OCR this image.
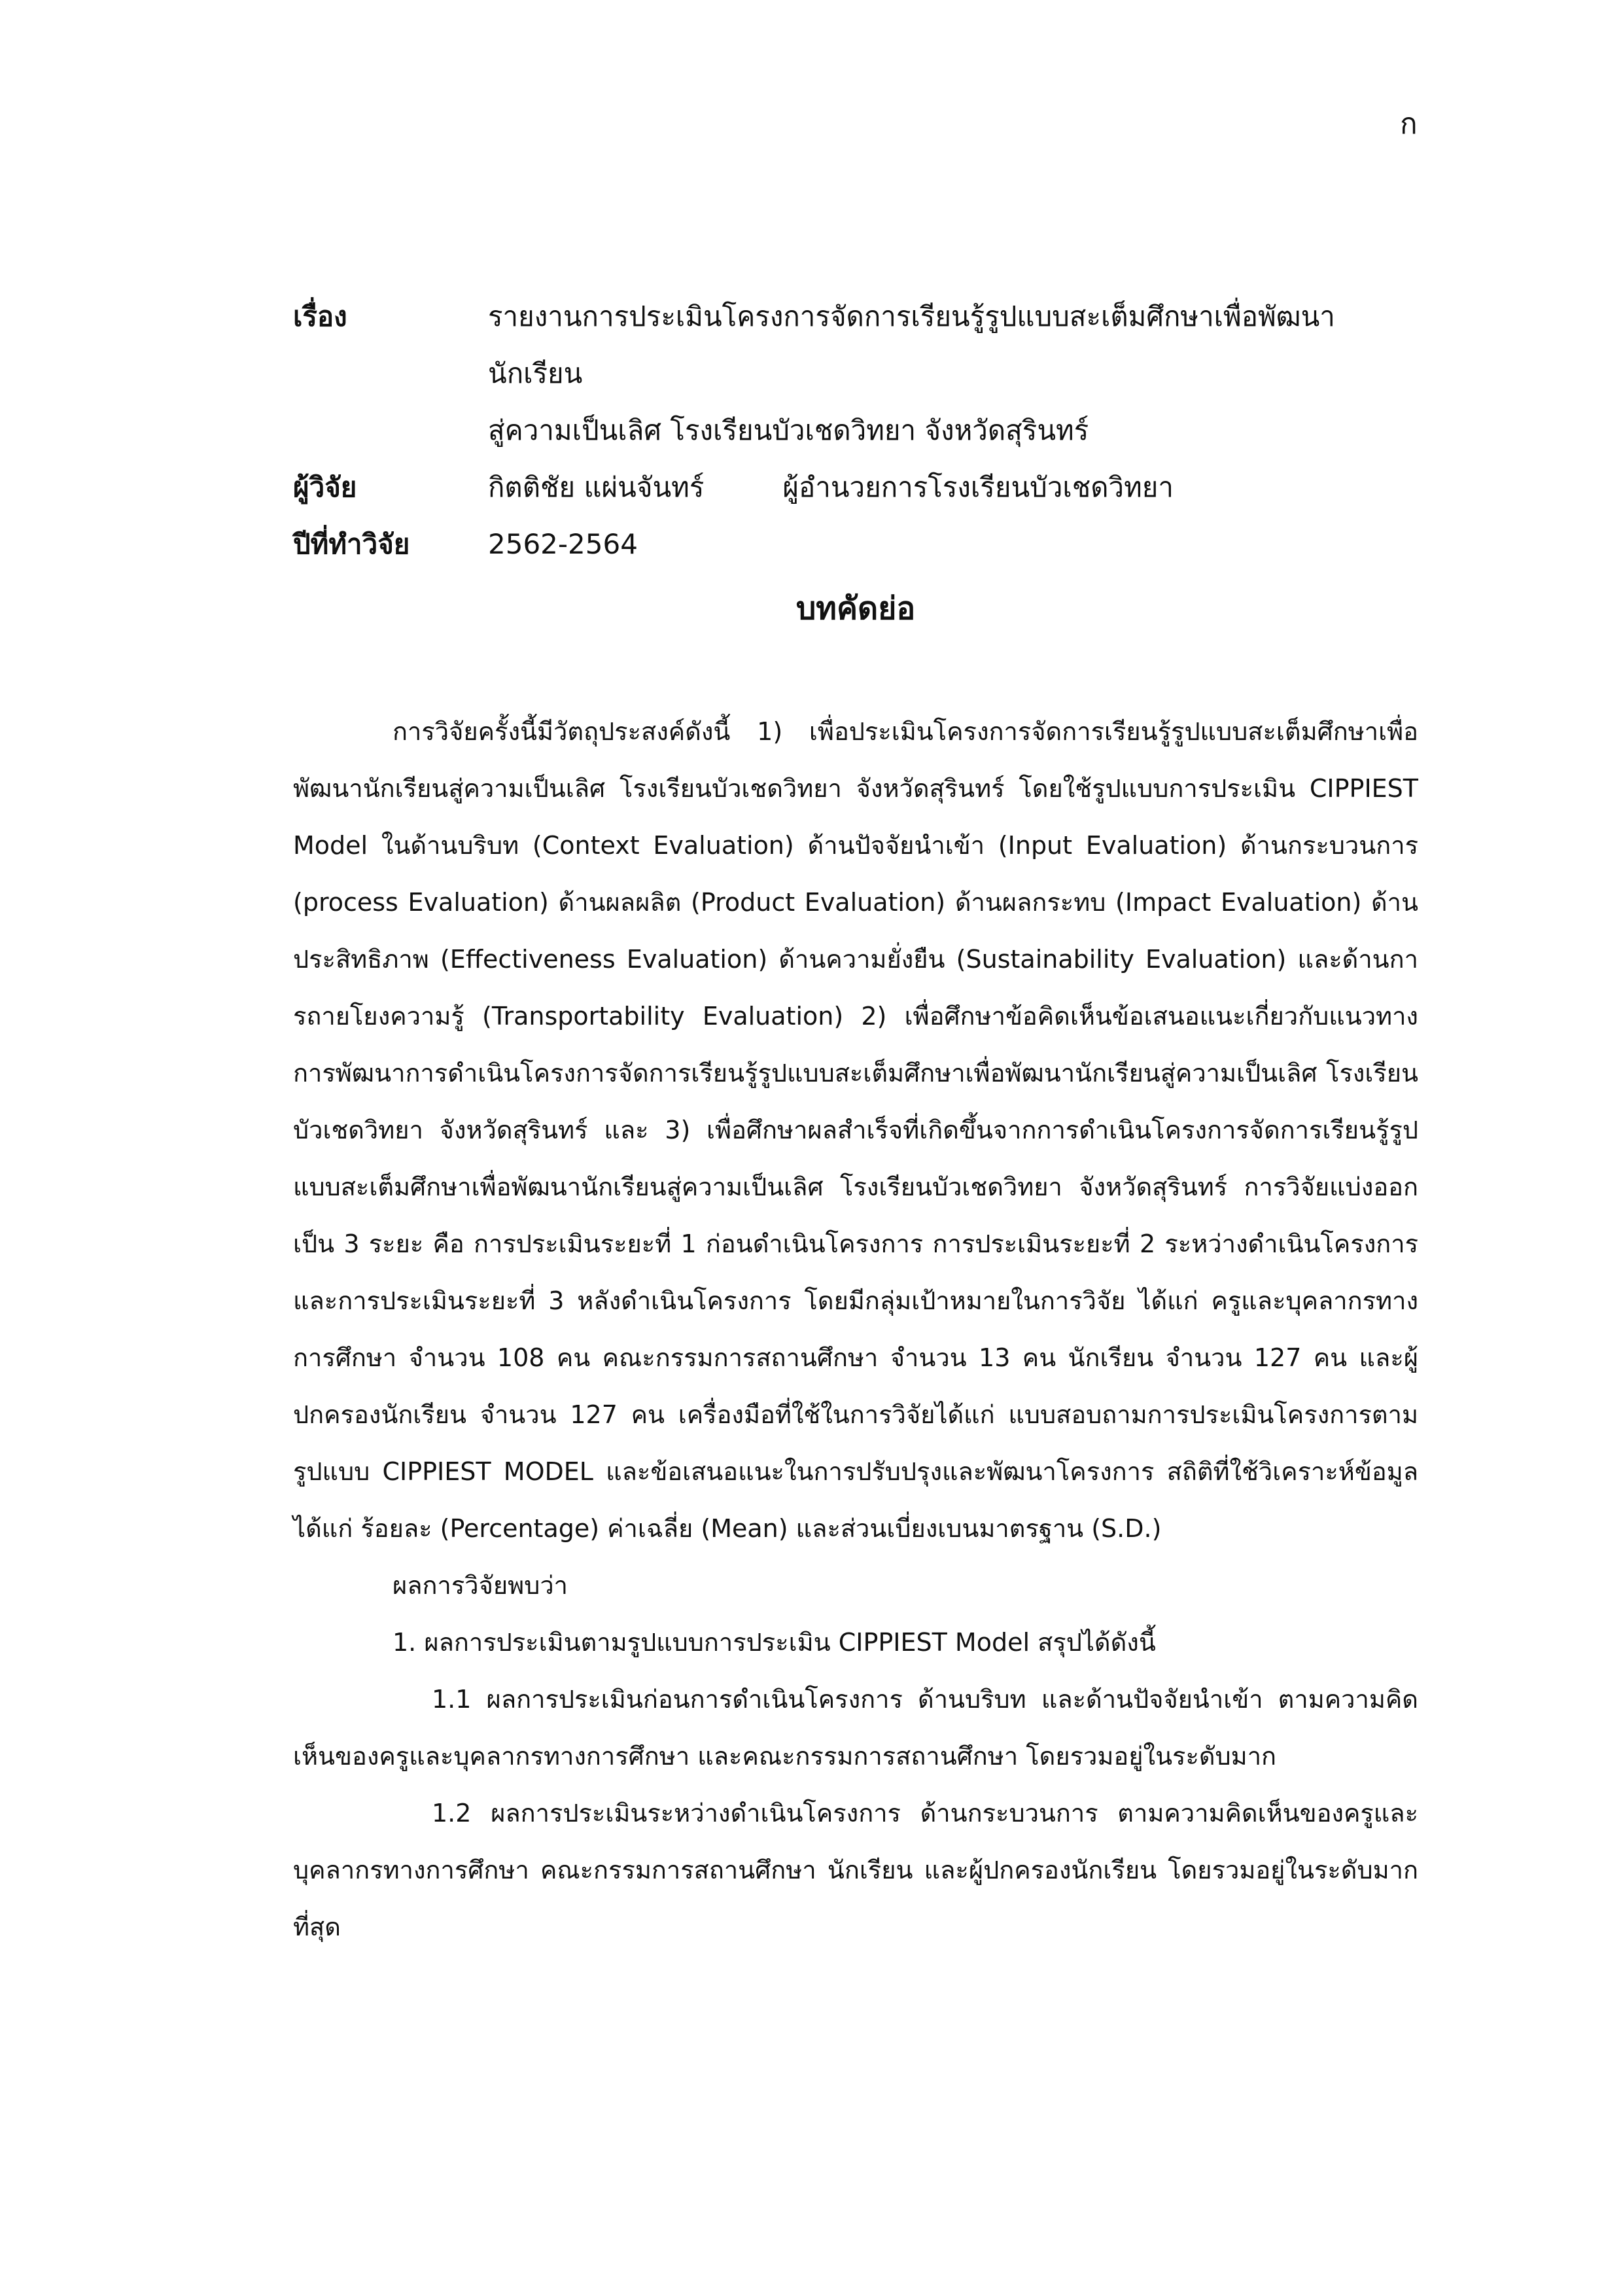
ก
เรื่อง	รายงานการประเมินโครงการจัดการเรียนรู้รูปแบบสะเต็มศึกษาเพื่อพัฒนานักเรียน
สู่ความเป็นเลิศ โรงเรียนบัวเชดวิทยา จังหวัดสุรินทร์
ผู้วิจัย	กิตติชัย แผ่นจันทร์	ผู้อำนวยการโรงเรียนบัวเชดวิทยา
ปีที่ทำวิจัย	2562-2564
บทคัดย่อ

การวิจัยครั้งนี้มีวัตถุประสงค์ดังนี้ 1) เพื่อประเมินโครงการจัดการเรียนรู้รูปแบบสะเต็มศึกษาเพื่อพัฒนานักเรียนสู่ความเป็นเลิศ โรงเรียนบัวเชดวิทยา จังหวัดสุรินทร์ โดยใช้รูปแบบการประเมิน CIPPIEST Model ในด้านบริบท (Context Evaluation) ด้านปัจจัยนำเข้า (Input Evaluation) ด้านกระบวนการ (process Evaluation) ด้านผลผลิต (Product Evaluation) ด้านผลกระทบ (Impact Evaluation) ด้านประสิทธิภาพ (Effectiveness Evaluation) ด้านความยั่งยืน (Sustainability Evaluation) และด้านการถายโยงความรู้ (Transportability Evaluation) 2) เพื่อศึกษาข้อคิดเห็นข้อเสนอแนะเกี่ยวกับแนวทางการพัฒนาการดำเนินโครงการจัดการเรียนรู้รูปแบบสะเต็มศึกษาเพื่อพัฒนานักเรียนสู่ความเป็นเลิศ โรงเรียนบัวเชดวิทยา จังหวัดสุรินทร์ และ 3) เพื่อศึกษาผลสำเร็จที่เกิดขึ้นจากการดำเนินโครงการจัดการเรียนรู้รูปแบบสะเต็มศึกษาเพื่อพัฒนานักเรียนสู่ความเป็นเลิศ โรงเรียนบัวเชดวิทยา จังหวัดสุรินทร์ การวิจัยแบ่งออกเป็น 3 ระยะ คือ การประเมินระยะที่ 1 ก่อนดำเนินโครงการ การประเมินระยะที่ 2 ระหว่างดำเนินโครงการ และการประเมินระยะที่ 3 หลังดำเนินโครงการ โดยมีกลุ่มเป้าหมายในการวิจัย ได้แก่ ครูและบุคลากรทาง การศึกษา จำนวน 108 คน คณะกรรมการสถานศึกษา จำนวน 13 คน นักเรียน จำนวน 127 คน และผู้ปกครองนักเรียน จำนวน 127 คน เครื่องมือที่ใช้ในการวิจัยได้แก่ แบบสอบถามการประเมินโครงการตามรูปแบบ CIPPIEST MODEL และข้อเสนอแนะในการปรับปรุงและพัฒนาโครงการ สถิติที่ใช้วิเคราะห์ข้อมูล ได้แก่ ร้อยละ (Percentage) ค่าเฉลี่ย (Mean) และส่วนเบี่ยงเบนมาตรฐาน (S.D.)

ผลการวิจัยพบว่า

1. ผลการประเมินตามรูปแบบการประเมิน CIPPIEST Model สรุปได้ดังนี้

1.1 ผลการประเมินก่อนการดำเนินโครงการ ด้านบริบท และด้านปัจจัยนำเข้า ตามความคิดเห็นของครูและบุคลากรทางการศึกษา และคณะกรรมการสถานศึกษา โดยรวมอยู่ในระดับมาก

1.2 ผลการประเมินระหว่างดำเนินโครงการ ด้านกระบวนการ ตามความคิดเห็นของครูและบุคลากรทางการศึกษา คณะกรรมการสถานศึกษา นักเรียน และผู้ปกครองนักเรียน โดยรวมอยู่ในระดับมากที่สุด
